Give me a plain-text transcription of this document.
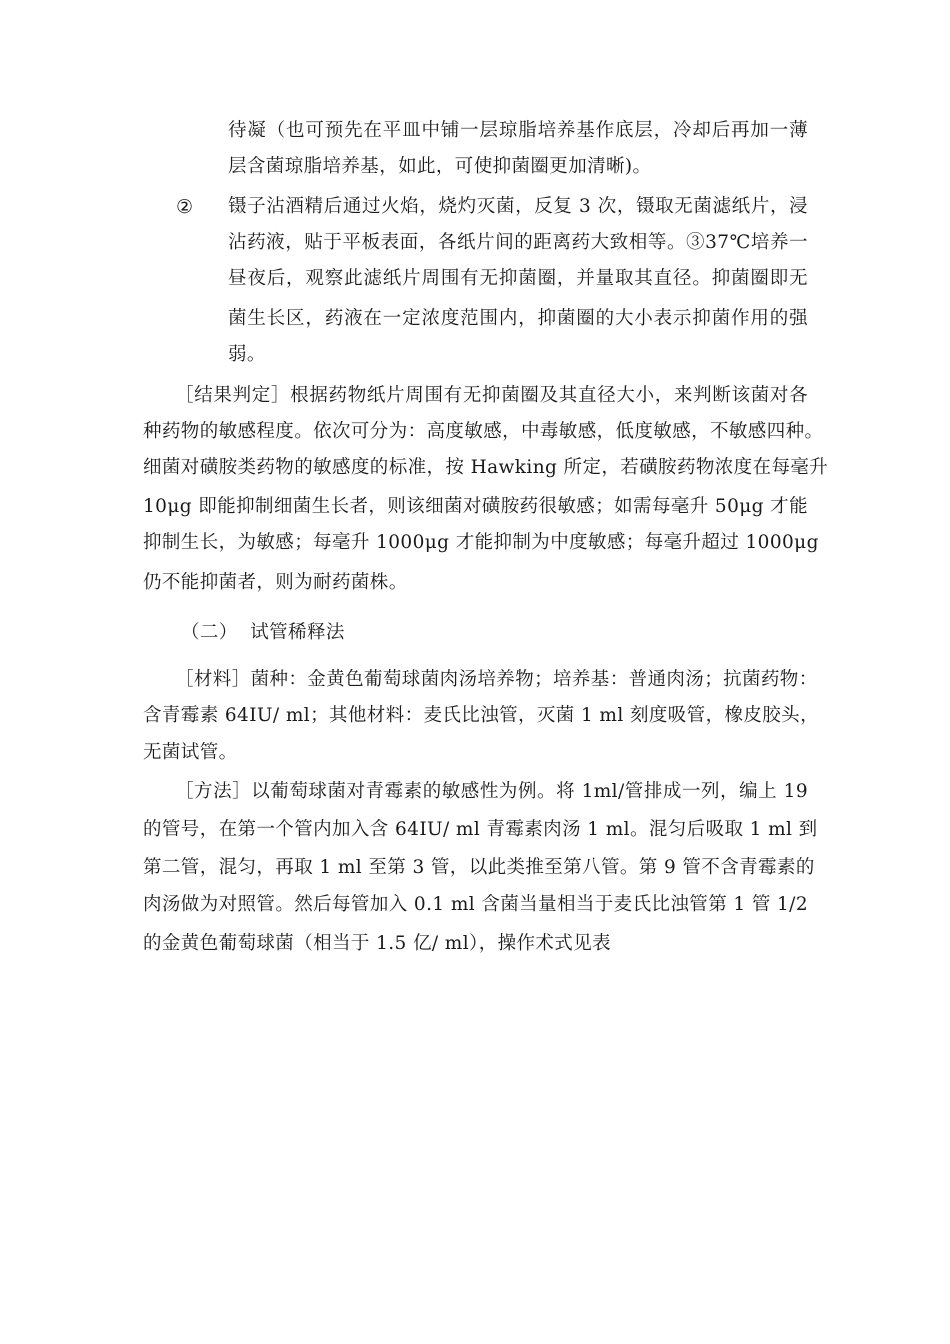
待凝（也可预先在平皿中铺一层琼脂培养基作底层，冷却后再加一薄
层含菌琼脂培养基，如此，可使抑菌圈更加清晰)。
② 镊子沾酒精后通过火焰，烧灼灭菌，反复 3 次，镊取无菌滤纸片，浸
沾药液，贴于平板表面，各纸片间的距离药大致相等。③37℃培养一
昼夜后，观察此滤纸片周围有无抑菌圈，并量取其直径。抑菌圈即无
菌生长区，药液在一定浓度范围内，抑菌圈的大小表示抑菌作用的强
弱。
［结果判定］根据药物纸片周围有无抑菌圈及其直径大小，来判断该菌对各
种药物的敏感程度。依次可分为：高度敏感，中毒敏感，低度敏感，不敏感四种。
细菌对磺胺类药物的敏感度的标准，按 Hawking 所定，若磺胺药物浓度在每毫升
10μg 即能抑制细菌生长者，则该细菌对磺胺药很敏感；如需每毫升 50μg 才能
抑制生长，为敏感；每毫升 1000μg 才能抑制为中度敏感；每毫升超过 1000μg
仍不能抑菌者，则为耐药菌株。
（二）  试管稀释法
［材料］菌种：金黄色葡萄球菌肉汤培养物；培养基：普通肉汤；抗菌药物：
含青霉素 64IU/ ml；其他材料：麦氏比浊管，灭菌 1 ml 刻度吸管，橡皮胶头，
无菌试管。
［方法］以葡萄球菌对青霉素的敏感性为例。将 1ml/管排成一列，编上 19
的管号，在第一个管内加入含 64IU/ ml 青霉素肉汤 1 ml。混匀后吸取 1 ml 到
第二管，混匀，再取 1 ml 至第 3 管，以此类推至第八管。第 9 管不含青霉素的
肉汤做为对照管。然后每管加入 0.1 ml 含菌当量相当于麦氏比浊管第 1 管 1/2
的金黄色葡萄球菌（相当于 1.5 亿/ ml），操作术式见表
